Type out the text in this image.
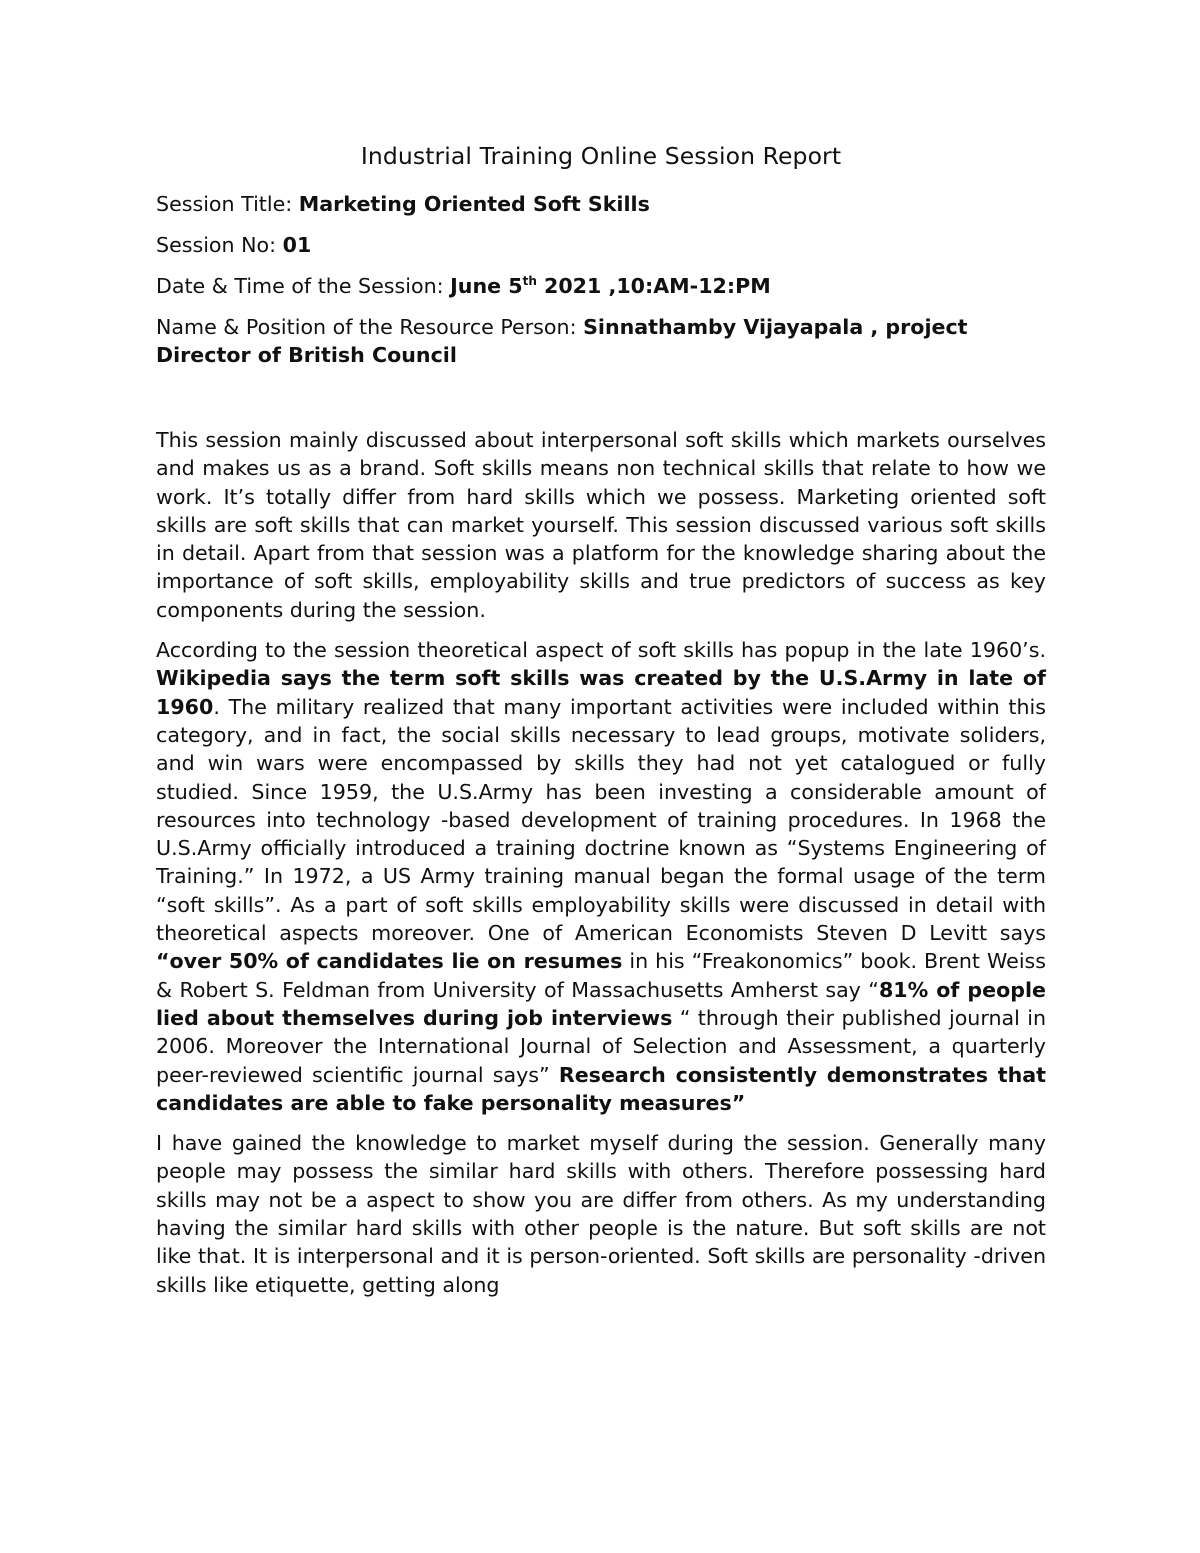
Industrial Training Online Session Report

Session Title: Marketing Oriented Soft Skills

Session No: 01

Date & Time of the Session: June 5th 2021 ,10:AM-12:PM

Name & Position of the Resource Person: Sinnathamby Vijayapala , project Director of British Council

This session mainly discussed about interpersonal soft skills which markets ourselves and makes us as a brand. Soft skills means non technical skills that relate to how we work. It’s totally differ from hard skills which we possess. Marketing oriented soft skills are soft skills that can market yourself. This session discussed various soft skills in detail. Apart from that session was a platform for the knowledge sharing about the importance of soft skills, employability skills and true predictors of success as key components during the session.

According to the session theoretical aspect of soft skills has popup in the late 1960’s. Wikipedia says the term soft skills was created by the U.S.Army in late of 1960. The military realized that many important activities were included within this category, and in fact, the social skills necessary to lead groups, motivate soliders, and win wars were encompassed by skills they had not yet catalogued or fully studied. Since 1959, the U.S.Army has been investing a considerable amount of resources into technology -based development of training procedures. In 1968 the U.S.Army officially introduced a training doctrine known as “Systems Engineering of Training.” In 1972, a US Army training manual began the formal usage of the term “soft skills”. As a part of soft skills employability skills were discussed in detail with theoretical aspects moreover. One of American Economists Steven D Levitt says “over 50% of candidates lie on resumes in his “Freakonomics” book. Brent Weiss & Robert S. Feldman from University of Massachusetts Amherst say “81% of people lied about themselves during job interviews “ through their published journal in 2006. Moreover the International Journal of Selection and Assessment, a quarterly peer-reviewed scientific journal says” Research consistently demonstrates that candidates are able to fake personality measures”

I have gained the knowledge to market myself during the session. Generally many people may possess the similar hard skills with others. Therefore possessing hard skills may not be a aspect to show you are differ from others. As my understanding having the similar hard skills with other people is the nature. But soft skills are not like that. It is interpersonal and it is person-oriented. Soft skills are personality -driven skills like etiquette, getting along
